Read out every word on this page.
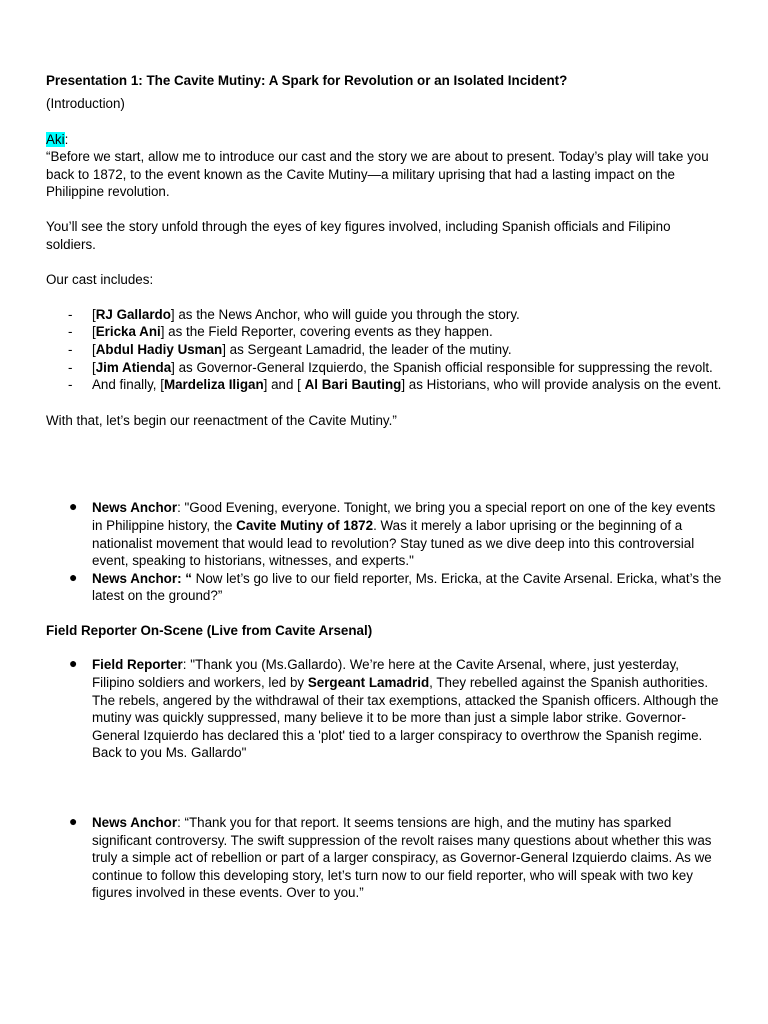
Presentation 1: The Cavite Mutiny: A Spark for Revolution or an Isolated Incident?

(Introduction)

Aki:

“Before we start, allow me to introduce our cast and the story we are about to present. Today’s play will take you back to 1872, to the event known as the Cavite Mutiny—a military uprising that had a lasting impact on the Philippine revolution.

You’ll see the story unfold through the eyes of key figures involved, including Spanish officials and Filipino soldiers.

Our cast includes:

- [RJ Gallardo] as the News Anchor, who will guide you through the story.
- [Ericka Ani] as the Field Reporter, covering events as they happen.
- [Abdul Hadiy Usman] as Sergeant Lamadrid, the leader of the mutiny.
- [Jim Atienda] as Governor-General Izquierdo, the Spanish official responsible for suppressing the revolt.
- And finally, [Mardeliza Iligan] and [ Al Bari Bauting] as Historians, who will provide analysis on the event.

With that, let’s begin our reenactment of the Cavite Mutiny.”

● News Anchor: "Good Evening, everyone. Tonight, we bring you a special report on one of the key events in Philippine history, the Cavite Mutiny of 1872. Was it merely a labor uprising or the beginning of a nationalist movement that would lead to revolution? Stay tuned as we dive deep into this controversial event, speaking to historians, witnesses, and experts."
● News Anchor: “ Now let’s go live to our field reporter, Ms. Ericka, at the Cavite Arsenal. Ericka, what’s the latest on the ground?”

Field Reporter On-Scene (Live from Cavite Arsenal)

● Field Reporter: "Thank you (Ms.Gallardo). We’re here at the Cavite Arsenal, where, just yesterday, Filipino soldiers and workers, led by Sergeant Lamadrid, They rebelled against the Spanish authorities. The rebels, angered by the withdrawal of their tax exemptions, attacked the Spanish officers. Although the mutiny was quickly suppressed, many believe it to be more than just a simple labor strike. Governor-General Izquierdo has declared this a 'plot' tied to a larger conspiracy to overthrow the Spanish regime. Back to you Ms. Gallardo"
● News Anchor: “Thank you for that report. It seems tensions are high, and the mutiny has sparked significant controversy. The swift suppression of the revolt raises many questions about whether this was truly a simple act of rebellion or part of a larger conspiracy, as Governor-General Izquierdo claims. As we continue to follow this developing story, let’s turn now to our field reporter, who will speak with two key figures involved in these events. Over to you.”
